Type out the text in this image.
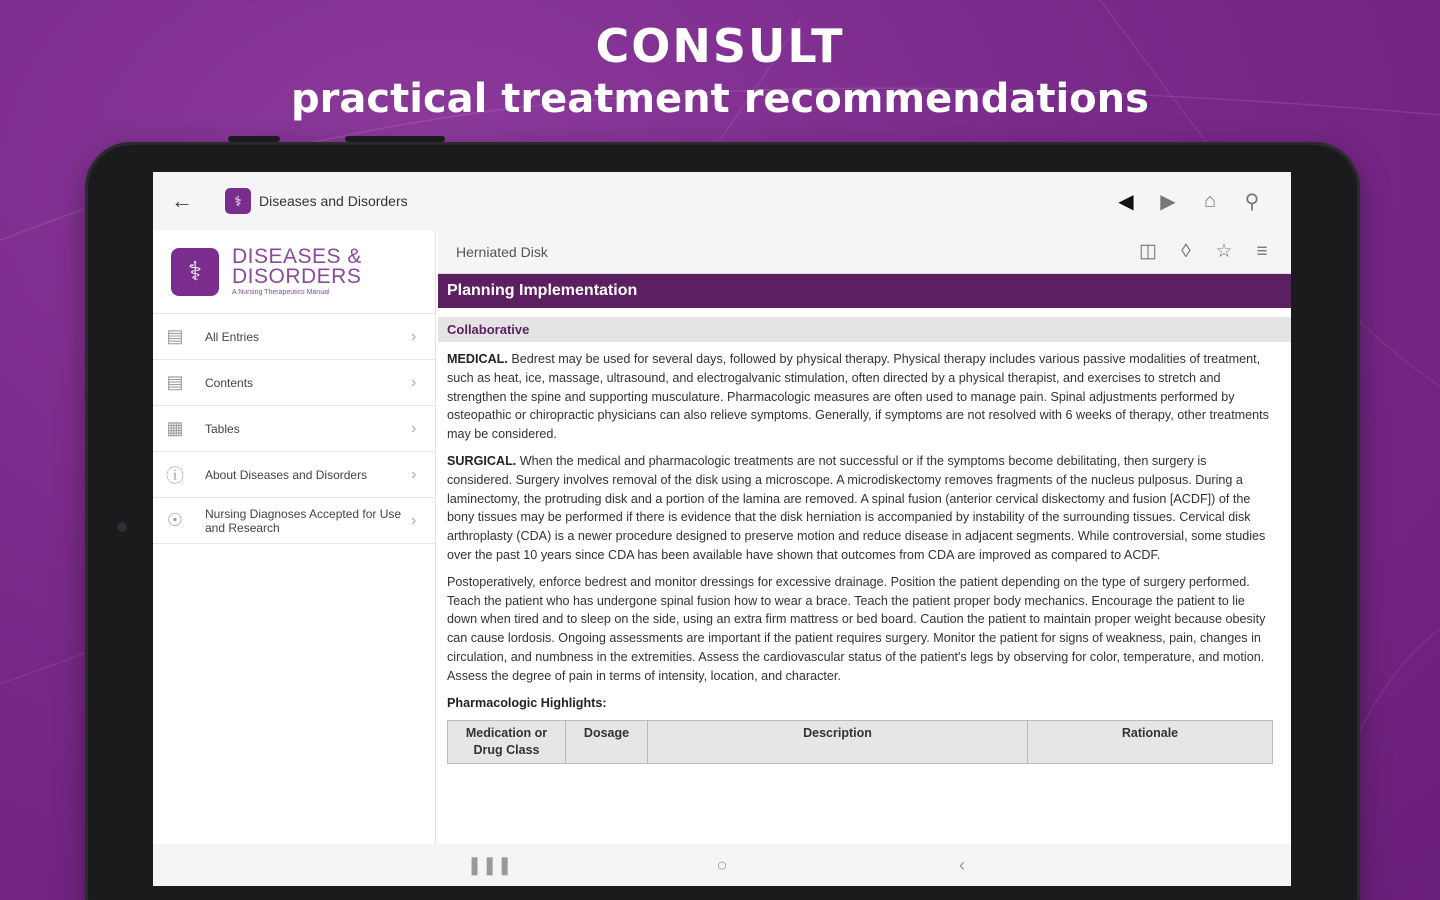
CONSULT
practical treatment recommendations
←	⚕	Diseases and Disorders	◀	▶	⌂	⚲
⚕	DISEASES &
DISORDERS
A Nursing Therapeutics Manual
▤ All Entries	›
▤ Contents	›
▦ Tables	›
ⓘ About Diseases and Disorders	›
☉	Nursing Diagnoses Accepted for Use and Research	›
Herniated Disk	◫	◊	☆	≡
Planning Implementation
Collaborative

MEDICAL. Bedrest may be used for several days, followed by physical therapy. Physical therapy includes various passive modalities of treatment, such as heat, ice, massage, ultrasound, and electrogalvanic stimulation, often directed by a physical therapist, and exercises to stretch and strengthen the spine and supporting musculature. Pharmacologic measures are often used to manage pain. Spinal adjustments performed by osteopathic or chiropractic physicians can also relieve symptoms. Generally, if symptoms are not resolved with 6 weeks of therapy, other treatments may be considered.

SURGICAL. When the medical and pharmacologic treatments are not successful or if the symptoms become debilitating, then surgery is considered. Surgery involves removal of the disk using a microscope. A microdiskectomy removes fragments of the nucleus pulposus. During a laminectomy, the protruding disk and a portion of the lamina are removed. A spinal fusion (anterior cervical diskectomy and fusion [ACDF]) of the bony tissues may be performed if there is evidence that the disk herniation is accompanied by instability of the surrounding tissues. Cervical disk arthroplasty (CDA) is a newer procedure designed to preserve motion and reduce disease in adjacent segments. While controversial, some studies over the past 10 years since CDA has been available have shown that outcomes from CDA are improved as compared to ACDF.

Postoperatively, enforce bedrest and monitor dressings for excessive drainage. Position the patient depending on the type of surgery performed. Teach the patient who has undergone spinal fusion how to wear a brace. Teach the patient proper body mechanics. Encourage the patient to lie down when tired and to sleep on the side, using an extra firm mattress or bed board. Caution the patient to maintain proper weight because obesity can cause lordosis. Ongoing assessments are important if the patient requires surgery. Monitor the patient for signs of weakness, pain, changes in circulation, and numbness in the extremities. Assess the cardiovascular status of the patient's legs by observing for color, temperature, and motion. Assess the degree of pain in terms of intensity, location, and character.

Pharmacologic Highlights:
Medication or Drug Class	Dosage	Description	Rationale
❚❚❚	○	‹
